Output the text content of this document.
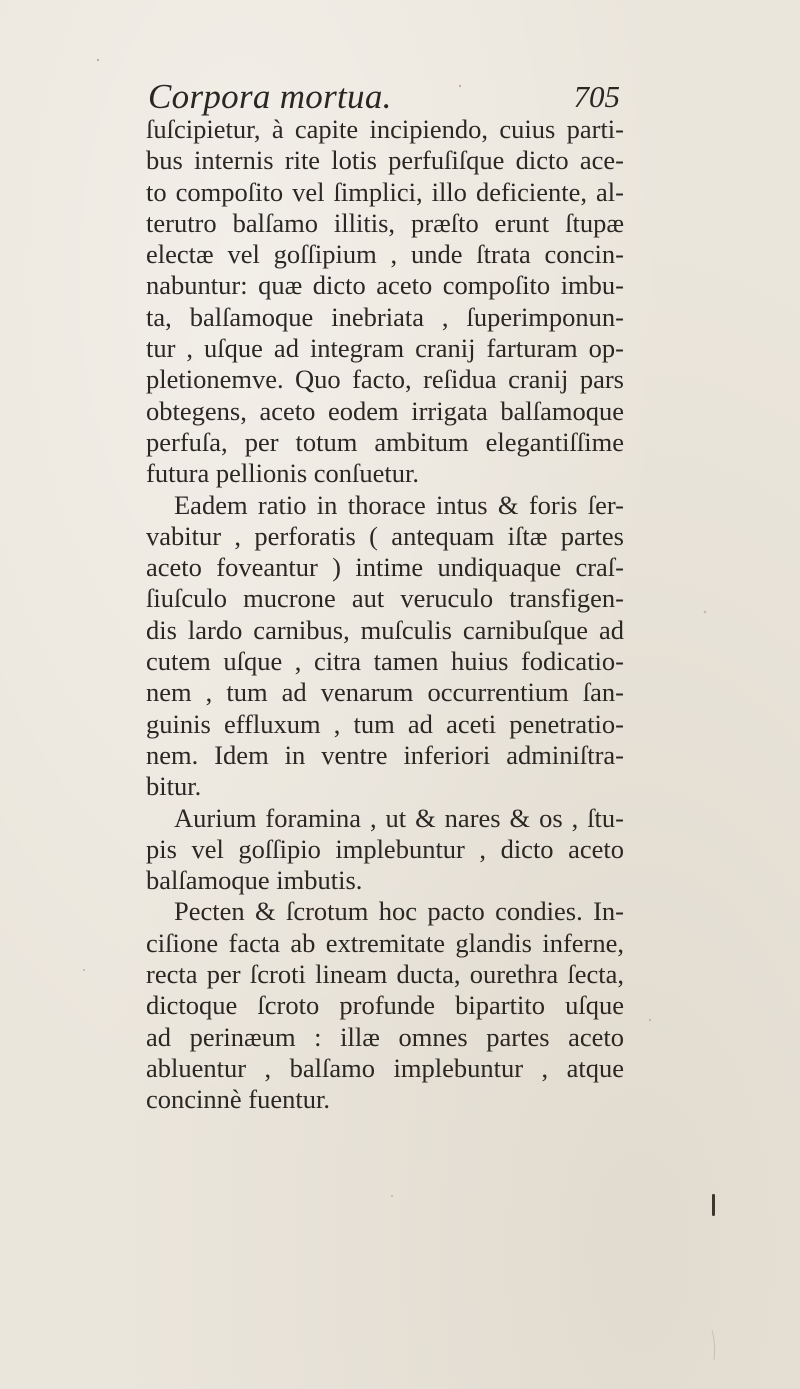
Corpora mortua.	705
ſuſcipietur, à capite incipiendo, cuius parti-
bus internis rite lotis perfuſiſque dicto ace-
to compoſito vel ſimplici, illo deficiente, al-
terutro balſamo illitis, præſto erunt ſtupæ
electæ vel goſſipium , unde ſtrata concin-
nabuntur: quæ dicto aceto compoſito imbu-
ta, balſamoque inebriata , ſuperimponun-
tur , uſque ad integram cranij farturam op-
pletionemve. Quo facto, reſidua cranij pars
obtegens, aceto eodem irrigata balſamoque
perfuſa, per totum ambitum elegantiſſime
futura pellionis conſuetur.
Eadem ratio in thorace intus & foris ſer-
vabitur , perforatis ( antequam iſtæ partes
aceto foveantur ) intime undiquaque craſ-
ſiuſculo mucrone aut veruculo transfigen-
dis lardo carnibus, muſculis carnibuſque ad
cutem uſque , citra tamen huius fodicatio-
nem , tum ad venarum occurrentium ſan-
guinis effluxum , tum ad aceti penetratio-
nem. Idem in ventre inferiori adminiſtra-
bitur.
Aurium foramina , ut & nares & os , ſtu-
pis vel goſſipio implebuntur , dicto aceto
balſamoque imbutis.
Pecten & ſcrotum hoc pacto condies. In-
ciſione facta ab extremitate glandis inferne,
recta per ſcroti lineam ducta, ourethra ſecta,
dictoque ſcroto profunde bipartito uſque
ad perinæum : illæ omnes partes aceto
abluentur , balſamo implebuntur , atque
concinnè fuentur.
